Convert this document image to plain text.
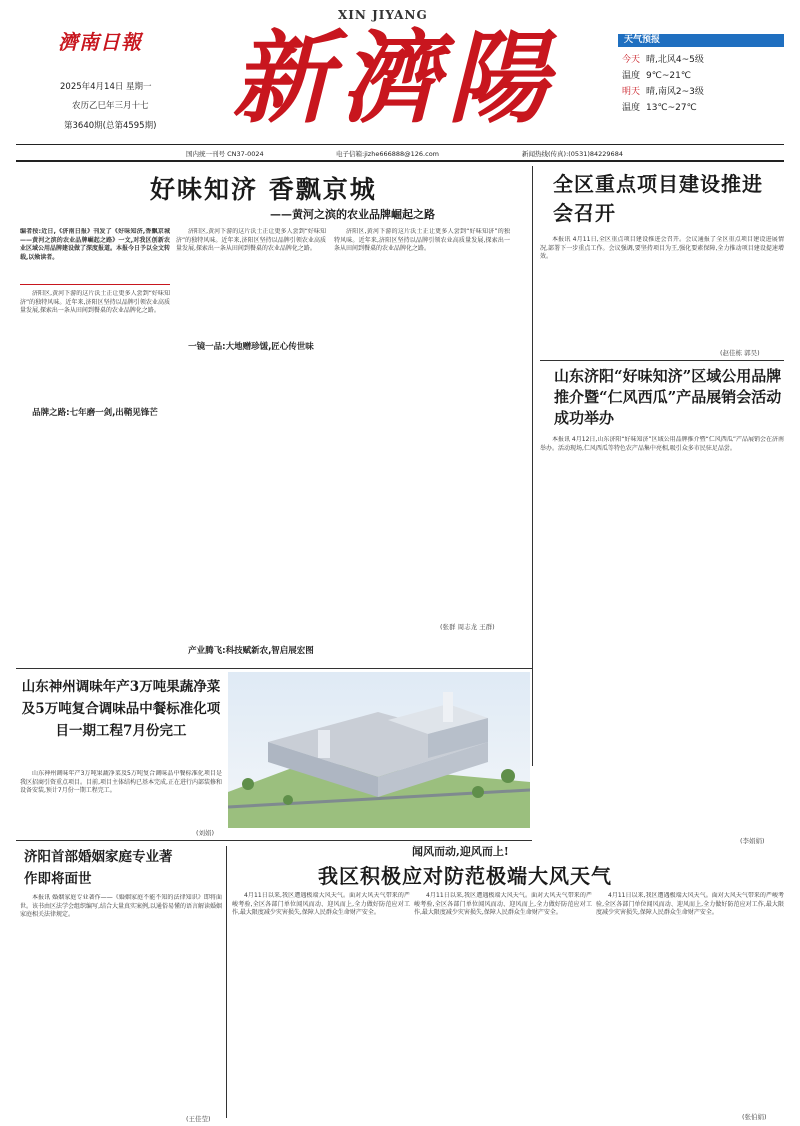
濟南日報
2025年4月14日 星期一
农历乙巳年三月十七
第3640期(总第4595期)
XIN JIYANG
新濟陽	天气预报
今天 晴,北风4~5级
温度 9℃~21℃
明天 晴,南风2~3级
温度 13℃~27℃
国内统一刊号 CN37-0024	电子信箱:jizhe666888@126.com	新闻热线(传真):(0531)84229684
好味知济 香飘京城
——黄河之滨的农业品牌崛起之路
编者按:近日,《济南日报》刊发了《好味知济,香飘京城——黄河之滨的农业品牌崛起之路》一文,对我区创新农业区域公用品牌建设做了深度报道。本报今日予以全文转载,以飨读者。

济阳区,黄河下游的这片沃土正让更多人尝到“好味知济”的独特风味。近年来,济阳区坚持以品牌引领农业高质量发展,探索出一条从田间到餐桌的农业品牌化之路。

品牌之路:七年磨一剑,出鞘见锋芒

济阳区,黄河下游的这片沃土正让更多人尝到“好味知济”的独特风味。近年来,济阳区坚持以品牌引领农业高质量发展,探索出一条从田间到餐桌的农业品牌化之路。

一镜一品:大地赠珍馐,匠心传世味

济阳区,黄河下游的这片沃土正让更多人尝到“好味知济”的独特风味。近年来,济阳区坚持以品牌引领农业高质量发展,探索出一条从田间到餐桌的农业品牌化之路。

(张群 周志龙 王群)
产业腾飞:科技赋新农,智启展宏图
全区重点项目建设推进会召开

本报讯 4月11日,全区重点项目建设推进会召开。会议通报了全区重点项目建设进展情况,部署下一步重点工作。会议强调,要坚持项目为王,强化要素保障,全力推动项目建设提速增效。

(赵佳栋 郭昊)
山东济阳“好味知济”区域公用品牌推介暨“仁风西瓜”产品展销会活动成功举办

本报讯 4月12日,山东济阳“好味知济”区域公用品牌推介暨“仁风西瓜”产品展销会在济南举办。活动现场,仁风西瓜等特色农产品集中亮相,吸引众多市民驻足品尝。

(李娟娟)
山东神州调味年产3万吨果蔬净菜及5万吨复合调味品中餐标准化项目一期工程7月份完工

山东神州调味年产3万吨果蔬净菜及5万吨复合调味品中餐标准化项目是我区招商引资重点项目。目前,项目主体结构已基本完成,正在进行内部装修和设备安装,预计7月份一期工程完工。

(刘娟)
济阳首部婚姻家庭专业著作即将面世

本报讯 婚姻家庭专业著作——《婚姻家庭不能不知的法律知识》即将面世。该书由区法学会组织编写,结合大量真实案例,以通俗易懂的语言解读婚姻家庭相关法律规定。

(王佳莹)
闻风而动,迎风而上!
我区积极应对防范极端大风天气

4月11日以来,我区遭遇极端大风天气。面对大风天气带来的严峻考验,全区各部门单位闻风而动、迎风而上,全力做好防范应对工作,最大限度减少灾害损失,保障人民群众生命财产安全。

4月11日以来,我区遭遇极端大风天气。面对大风天气带来的严峻考验,全区各部门单位闻风而动、迎风而上,全力做好防范应对工作,最大限度减少灾害损失,保障人民群众生命财产安全。

4月11日以来,我区遭遇极端大风天气。面对大风天气带来的严峻考验,全区各部门单位闻风而动、迎风而上,全力做好防范应对工作,最大限度减少灾害损失,保障人民群众生命财产安全。

(张伯娟)
